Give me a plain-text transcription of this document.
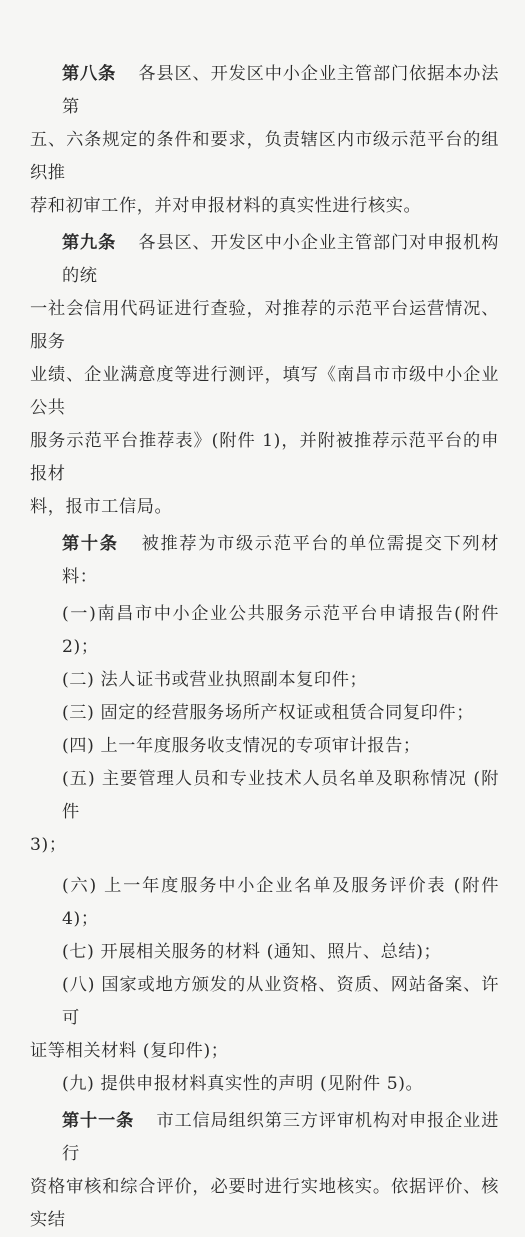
第八条 各县区、开发区中小企业主管部门依据本办法第

五、六条规定的条件和要求，负责辖区内市级示范平台的组织推

荐和初审工作，并对申报材料的真实性进行核实。

第九条 各县区、开发区中小企业主管部门对申报机构的统

一社会信用代码证进行查验，对推荐的示范平台运营情况、服务

业绩、企业满意度等进行测评，填写《南昌市市级中小企业公共

服务示范平台推荐表》(附件 1)，并附被推荐示范平台的申报材

料，报市工信局。

第十条 被推荐为市级示范平台的单位需提交下列材料：

(一)南昌市中小企业公共服务示范平台申请报告(附件 2)；

(二) 法人证书或营业执照副本复印件；

(三) 固定的经营服务场所产权证或租赁合同复印件；

(四) 上一年度服务收支情况的专项审计报告；

(五) 主要管理人员和专业技术人员名单及职称情况 (附件

3)；

(六) 上一年度服务中小企业名单及服务评价表 (附件 4)；

(七) 开展相关服务的材料 (通知、照片、总结)；

(八) 国家或地方颁发的从业资格、资质、网站备案、许可

证等相关材料 (复印件)；

(九) 提供申报材料真实性的声明 (见附件 5)。

第十一条 市工信局组织第三方评审机构对申报企业进行

资格审核和综合评价，必要时进行实地核实。依据评价、核实结
